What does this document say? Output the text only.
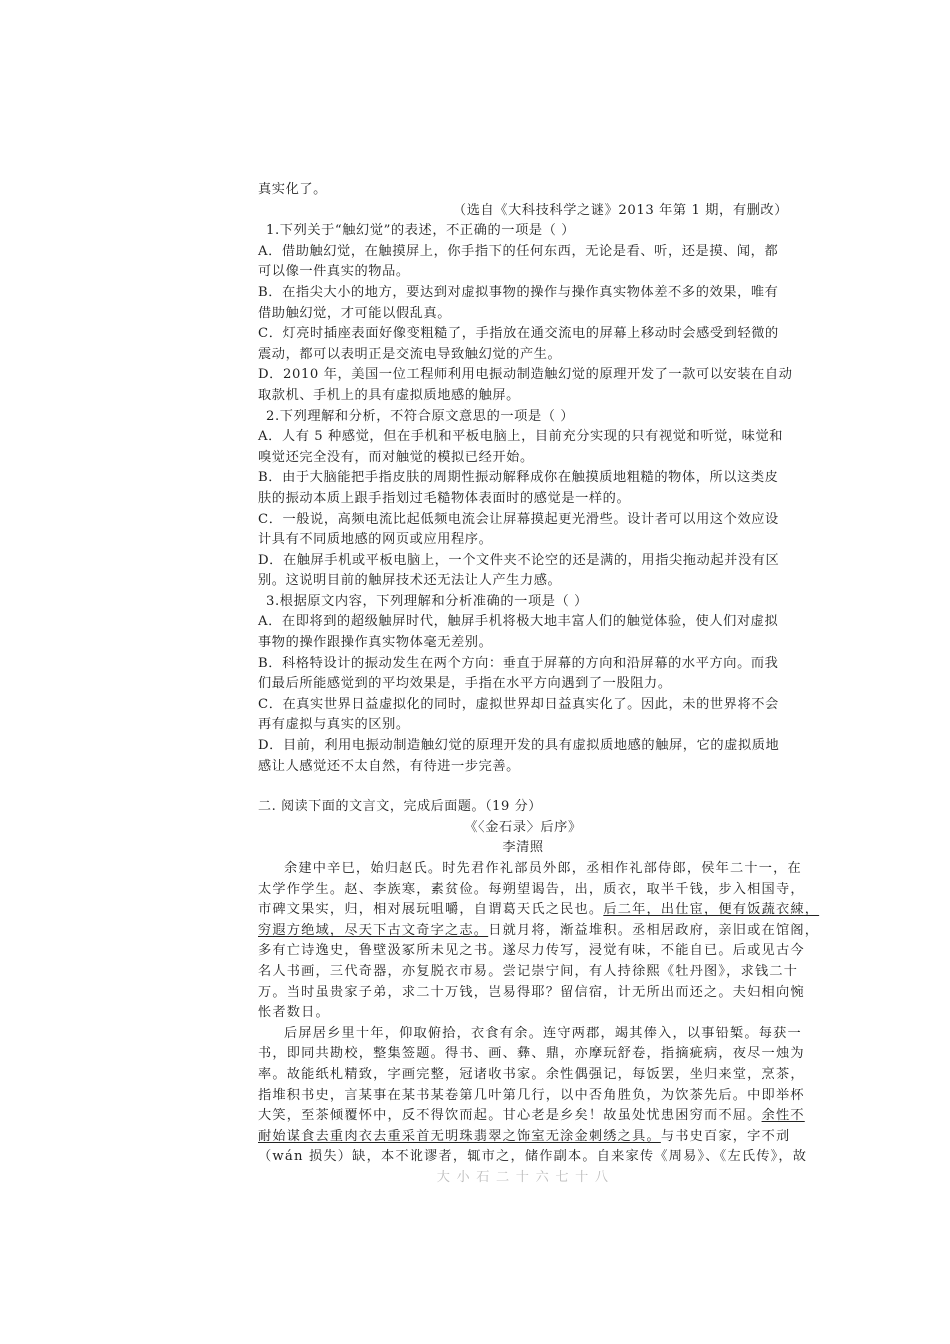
真实化了。
（选自《大科技科学之谜》2013 年第 1 期，有删改）
1.下列关于“触幻觉”的表述，不正确的一项是（ ）
A．借助触幻觉，在触摸屏上，你手指下的任何东西，无论是看、听，还是摸、闻，都
可以像一件真实的物品。
B．在指尖大小的地方，要达到对虚拟事物的操作与操作真实物体差不多的效果，唯有
借助触幻觉，才可能以假乱真。
C．灯亮时插座表面好像变粗糙了，手指放在通交流电的屏幕上移动时会感受到轻微的
震动，都可以表明正是交流电导致触幻觉的产生。
D．2010 年，美国一位工程师利用电振动制造触幻觉的原理开发了一款可以安装在自动
取款机、手机上的具有虚拟质地感的触屏。
2.下列理解和分析，不符合原文意思的一项是（ ）
A．人有 5 种感觉，但在手机和平板电脑上，目前充分实现的只有视觉和听觉，味觉和
嗅觉还完全没有，而对触觉的模拟已经开始。
B．由于大脑能把手指皮肤的周期性振动解释成你在触摸质地粗糙的物体，所以这类皮
肤的振动本质上跟手指划过毛糙物体表面时的感觉是一样的。
C．一般说，高频电流比起低频电流会让屏幕摸起更光滑些。设计者可以用这个效应设
计具有不同质地感的网页或应用程序。
D．在触屏手机或平板电脑上，一个文件夹不论空的还是满的，用指尖拖动起并没有区
别。这说明目前的触屏技术还无法让人产生力感。
3.根据原文内容，下列理解和分析准确的一项是（ ）
A．在即将到的超级触屏时代，触屏手机将极大地丰富人们的触觉体验，使人们对虚拟
事物的操作跟操作真实物体毫无差别。
B．科格特设计的振动发生在两个方向：垂直于屏幕的方向和沿屏幕的水平方向。而我
们最后所能感觉到的平均效果是，手指在水平方向遇到了一股阻力。
C．在真实世界日益虚拟化的同时，虚拟世界却日益真实化了。因此，未的世界将不会
再有虚拟与真实的区别。
D．目前，利用电振动制造触幻觉的原理开发的具有虚拟质地感的触屏，它的虚拟质地
感让人感觉还不太自然，有待进一步完善。
二. 阅读下面的文言文，完成后面题。（19 分）
《〈金石录〉后序》
李清照
余建中辛巳，始归赵氏。时先君作礼部员外郎，丞相作礼部侍郎，侯年二十一，在
太学作学生。赵、李族寒，素贫俭。每朔望谒告，出，质衣，取半千钱，步入相国寺，
市碑文果实，归，相对展玩咀嚼，自谓葛天氏之民也。后二年，出仕宦，便有饭蔬衣綀，
穷遐方绝域，尽天下古文奇字之志。日就月将，渐益堆积。丞相居政府，亲旧或在馆阁，
多有亡诗逸史，鲁壁汲冢所未见之书。遂尽力传写，浸觉有味，不能自已。后或见古今
名人书画，三代奇器，亦复脱衣市易。尝记崇宁间，有人持徐熙《牡丹图》，求钱二十
万。当时虽贵家子弟，求二十万钱，岂易得耶？留信宿，计无所出而还之。夫妇相向惋
怅者数日。
后屏居乡里十年，仰取俯拾，衣食有余。连守两郡，竭其俸入，以事铅椠。每获一
书，即同共勘校，整集签题。得书、画、彝、鼎，亦摩玩舒卷，指摘疵病，夜尽一烛为
率。故能纸札精致，字画完整，冠诸收书家。余性偶强记，每饭罢，坐归来堂，烹茶，
指堆积书史，言某事在某书某卷第几叶第几行，以中否角胜负，为饮茶先后。中即举杯
大笑，至茶倾覆怀中，反不得饮而起。甘心老是乡矣！故虽处忧患困穷而不屈。余性不
耐始谋食去重肉衣去重采首无明珠翡翠之饰室无涂金刺绣之具。与书史百家，字不刓
（wán 损失）缺，本不讹谬者，辄市之，储作副本。自来家传《周易》、《左氏传》，故
大 小 石 二 十 六 七 十 八
